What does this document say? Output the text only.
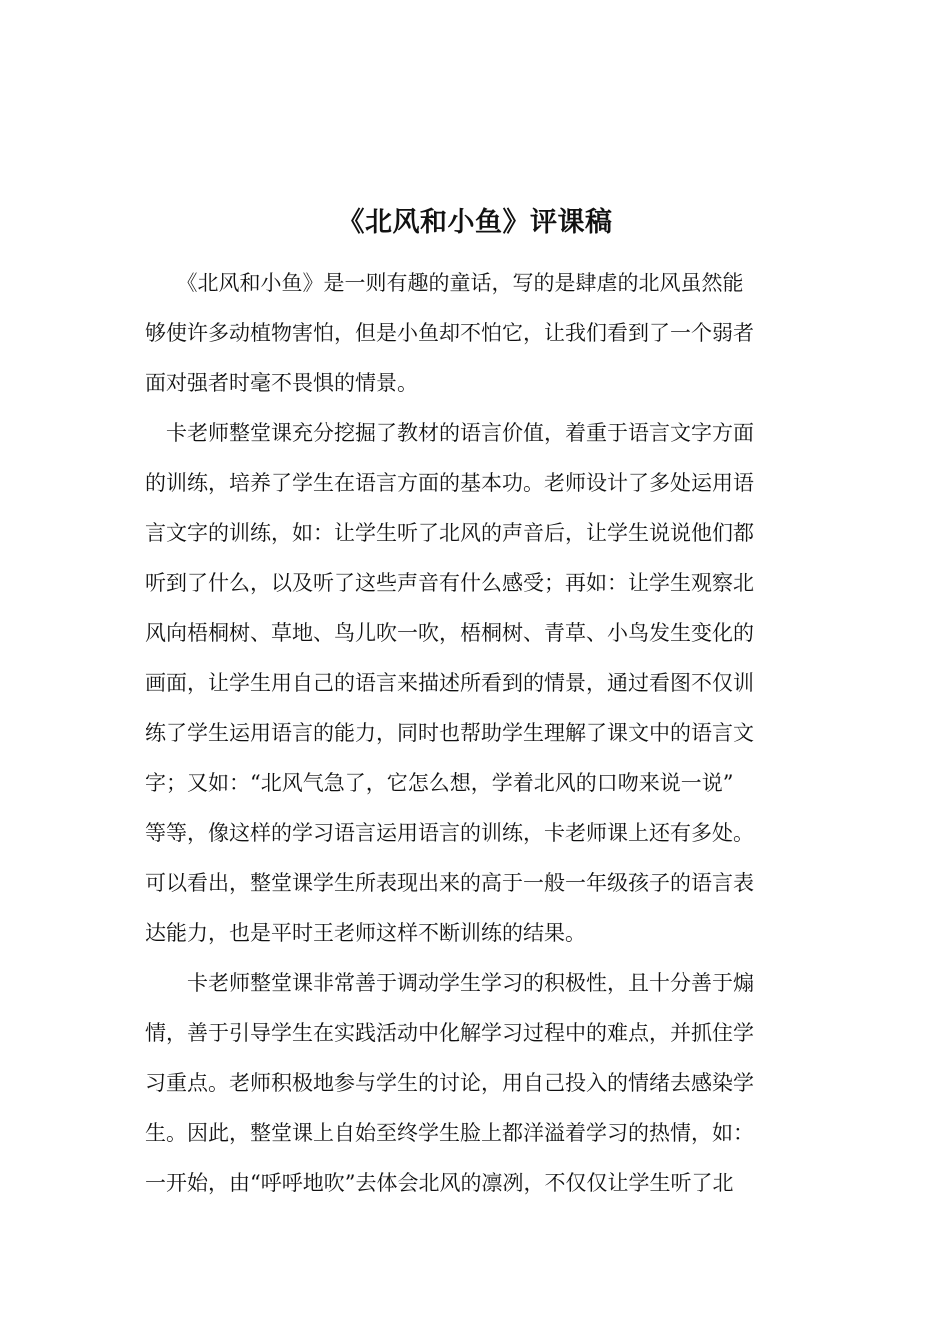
《北风和小鱼》评课稿

　　《北风和小鱼》是一则有趣的童话，写的是肆虐的北风虽然能

够使许多动植物害怕，但是小鱼却不怕它，让我们看到了一个弱者

面对强者时毫不畏惧的情景。

　卡老师整堂课充分挖掘了教材的语言价值，着重于语言文字方面

的训练，培养了学生在语言方面的基本功。老师设计了多处运用语

言文字的训练，如：让学生听了北风的声音后，让学生说说他们都

听到了什么，以及听了这些声音有什么感受；再如：让学生观察北

风向梧桐树、草地、鸟儿吹一吹，梧桐树、青草、小鸟发生变化的

画面，让学生用自己的语言来描述所看到的情景，通过看图不仅训

练了学生运用语言的能力，同时也帮助学生理解了课文中的语言文

字；又如：“北风气急了，它怎么想，学着北风的口吻来说一说”

等等，像这样的学习语言运用语言的训练，卡老师课上还有多处。

可以看出，整堂课学生所表现出来的高于一般一年级孩子的语言表

达能力，也是平时王老师这样不断训练的结果。

　　卡老师整堂课非常善于调动学生学习的积极性，且十分善于煽

情，善于引导学生在实践活动中化解学习过程中的难点，并抓住学

习重点。老师积极地参与学生的讨论，用自己投入的情绪去感染学

生。因此，整堂课上自始至终学生脸上都洋溢着学习的热情，如：

一开始，由“呼呼地吹”去体会北风的凛冽，不仅仅让学生听了北
